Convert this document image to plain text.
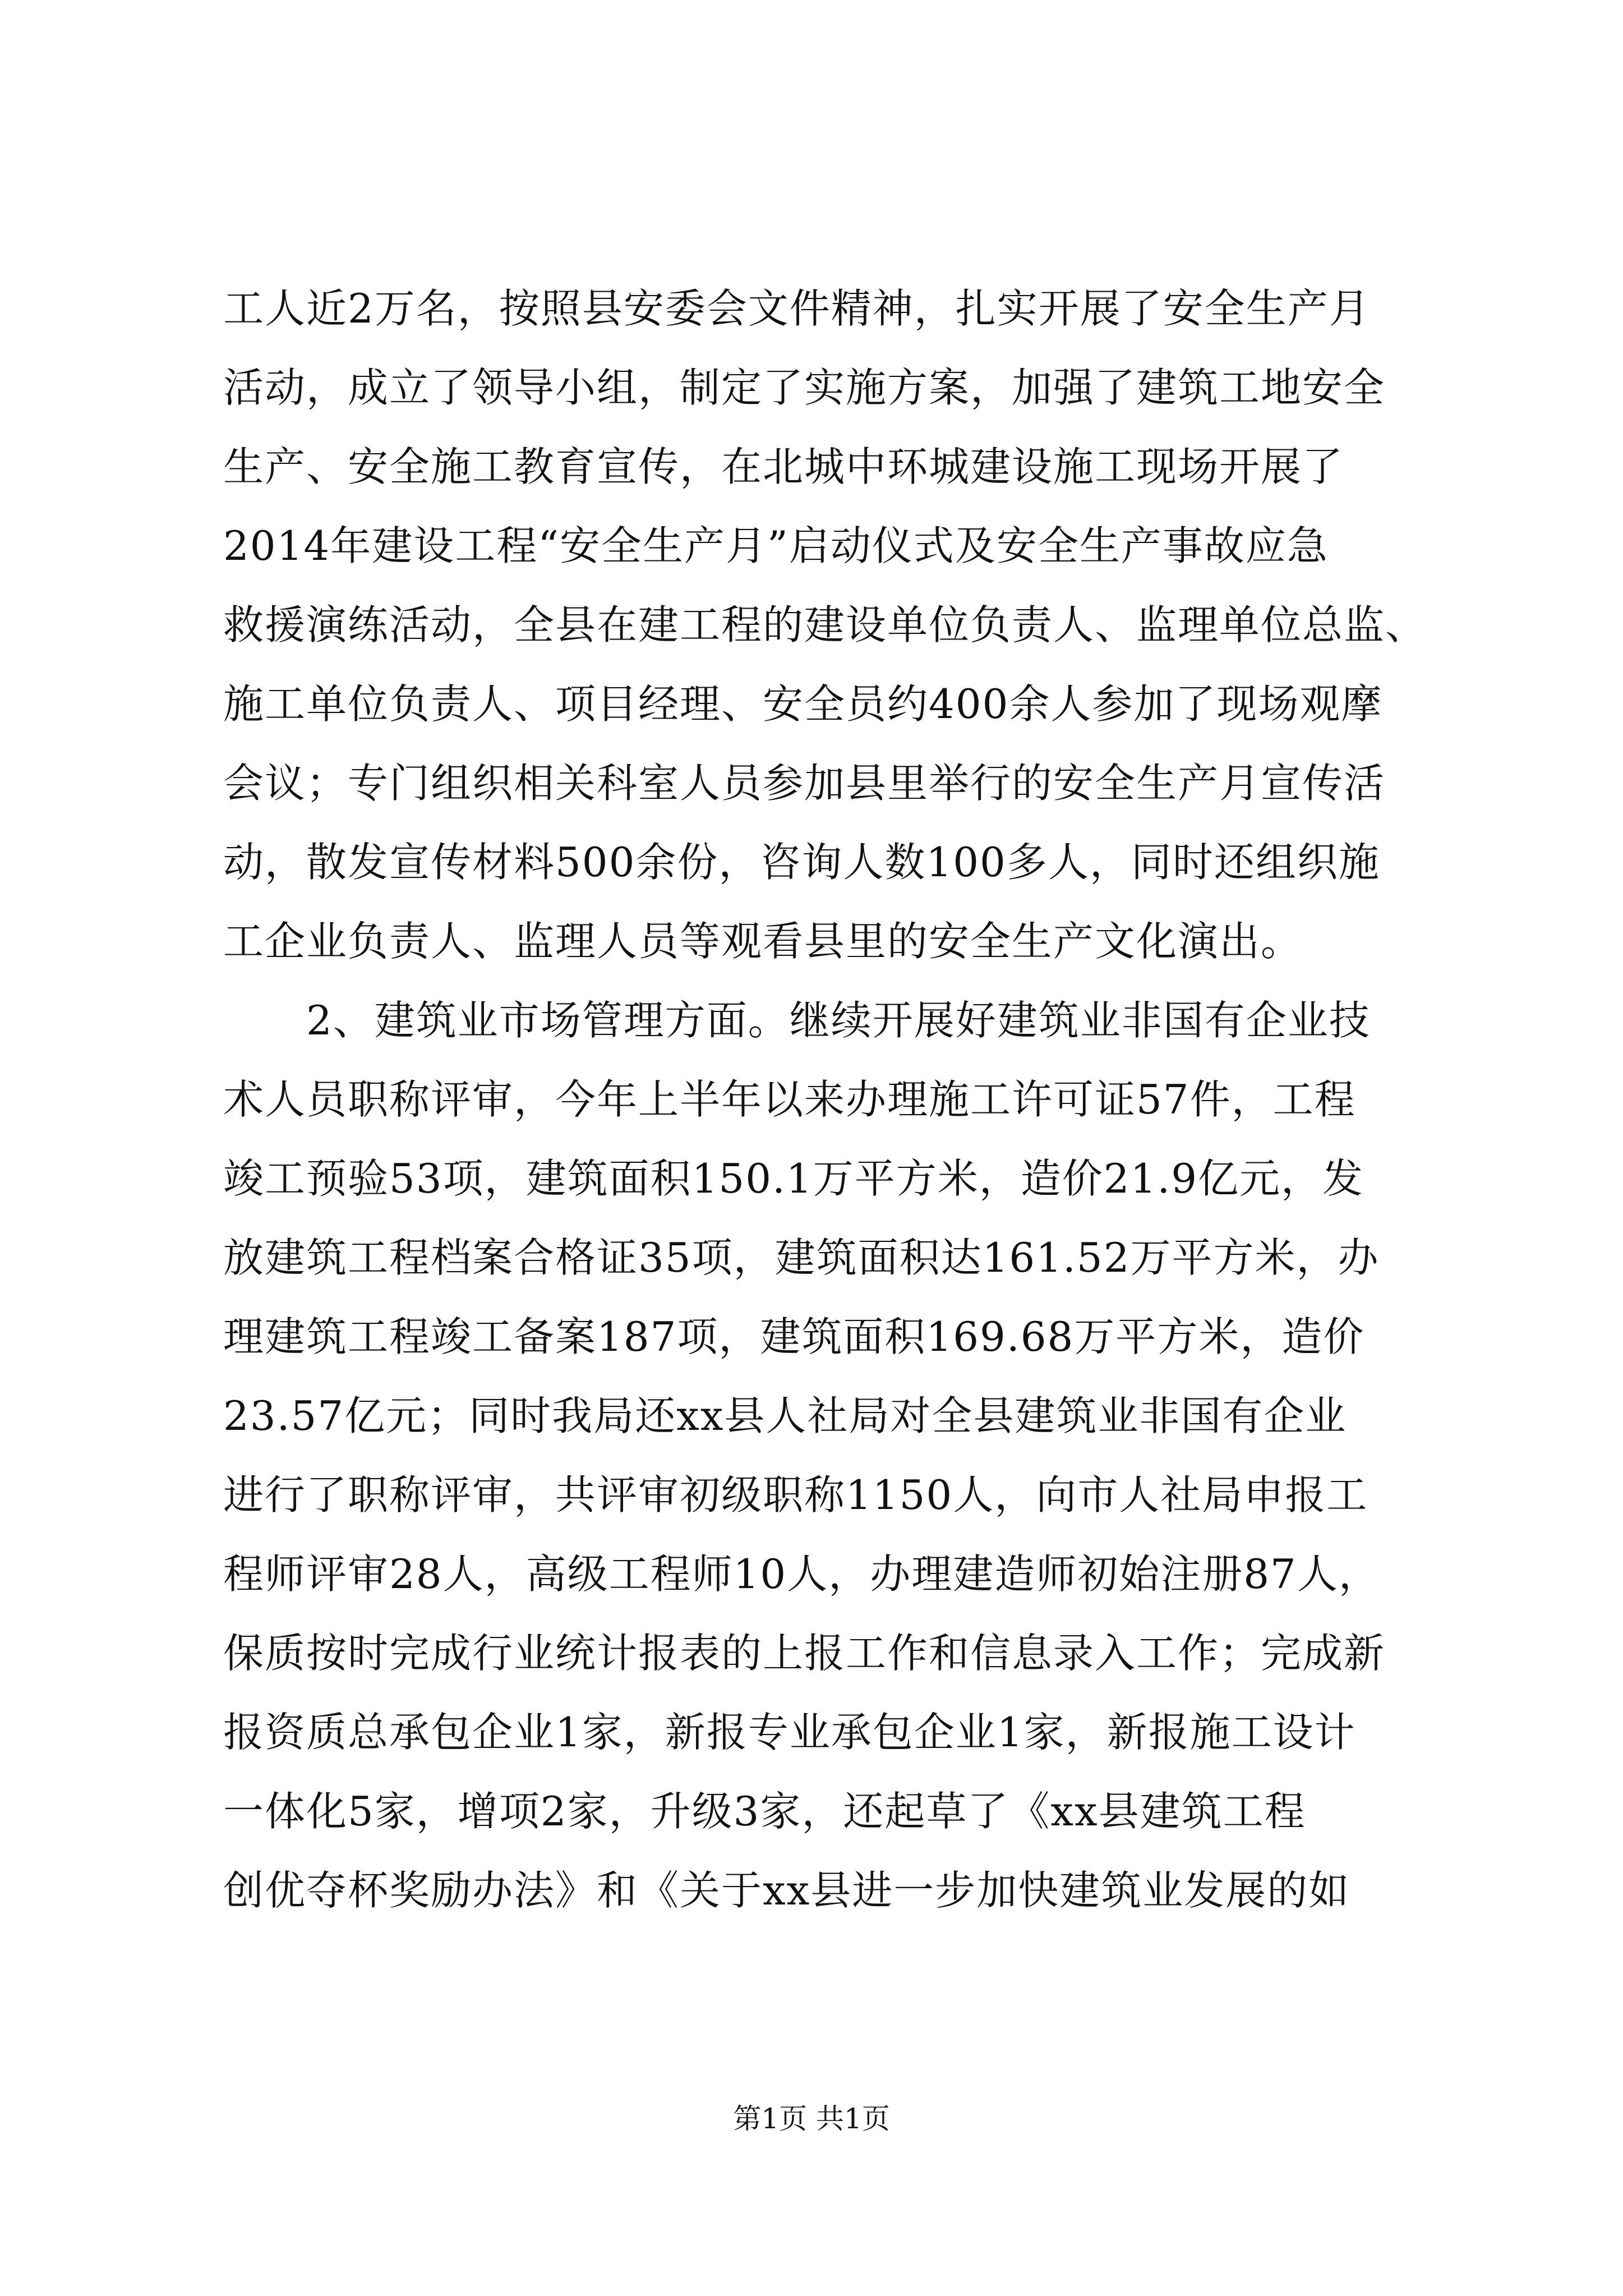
工人近2万名，按照县安委会文件精神，扎实开展了安全生产月
活动，成立了领导小组，制定了实施方案，加强了建筑工地安全
生产、安全施工教育宣传，在北城中环城建设施工现场开展了
2014年建设工程“安全生产月”启动仪式及安全生产事故应急
救援演练活动，全县在建工程的建设单位负责人、监理单位总监、
施工单位负责人、项目经理、安全员约400余人参加了现场观摩
会议；专门组织相关科室人员参加县里举行的安全生产月宣传活
动，散发宣传材料500余份，咨询人数100多人，同时还组织施
工企业负责人、监理人员等观看县里的安全生产文化演出。
2、建筑业市场管理方面。继续开展好建筑业非国有企业技
术人员职称评审，今年上半年以来办理施工许可证57件，工程
竣工预验53项，建筑面积150.1万平方米，造价21.9亿元，发
放建筑工程档案合格证35项，建筑面积达161.52万平方米，办
理建筑工程竣工备案187项，建筑面积169.68万平方米，造价
23.57亿元；同时我局还xx县人社局对全县建筑业非国有企业
进行了职称评审，共评审初级职称1150人，向市人社局申报工
程师评审28人，高级工程师10人，办理建造师初始注册87人，
保质按时完成行业统计报表的上报工作和信息录入工作；完成新
报资质总承包企业1家，新报专业承包企业1家，新报施工设计
一体化5家，增项2家，升级3家，还起草了《xx县建筑工程
创优夺杯奖励办法》和《关于xx县进一步加快建筑业发展的如
第1页 共1页
